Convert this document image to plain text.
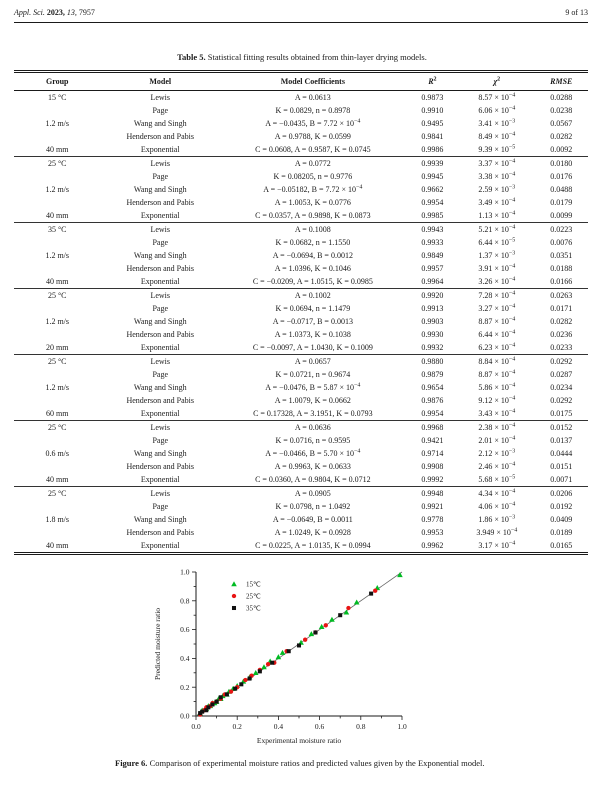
Appl. Sci. 2023, 13, 7957	9 of 13
Table 5. Statistical fitting results obtained from thin-layer drying models.
Group	Model	Model Coefficients	$R^2$	$\chi^2$	RMSE
15 °C	Lewis	A = 0.0613	0.9873	$8.57 \times 10^{-4}$	0.0288
	Page	K = 0.0829, n = 0.8978	0.9910	$6.06 \times 10^{-4}$	0.0238
1.2 m/s	Wang and Singh	A = −0.0435, $B = 7.72 \times 10^{-4}$	0.9495	$3.41 \times 10^{-3}$	0.0567
	Henderson and Pabis	A = 0.9788, K = 0.0599	0.9841	$8.49 \times 10^{-4}$	0.0282
40 mm	Exponential	C = 0.0608, A = 0.9587, K = 0.0745	0.9986	$9.39 \times 10^{-5}$	0.0092
25 °C	Lewis	A = 0.0772	0.9939	$3.37 \times 10^{-4}$	0.0180
	Page	K = 0.08205, n = 0.9776	0.9945	$3.38 \times 10^{-4}$	0.0176
1.2 m/s	Wang and Singh	A = −0.05182, $B = 7.72 \times 10^{-4}$	0.9662	$2.59 \times 10^{-3}$	0.0488
	Henderson and Pabis	A = 1.0053, K = 0.0776	0.9954	$3.49 \times 10^{-4}$	0.0179
40 mm	Exponential	C = 0.0357, A = 0.9898, K = 0.0873	0.9985	$1.13 \times 10^{-4}$	0.0099
35 °C	Lewis	A = 0.1008	0.9943	$5.21 \times 10^{-4}$	0.0223
	Page	K = 0.0682, n = 1.1550	0.9933	$6.44 \times 10^{-5}$	0.0076
1.2 m/s	Wang and Singh	A = −0.0694, B = 0.0012	0.9849	$1.37 \times 10^{-3}$	0.0351
	Henderson and Pabis	A = 1.0396, K = 0.1046	0.9957	$3.91 \times 10^{-4}$	0.0188
40 mm	Exponential	C = −0.0209, A = 1.0515, K = 0.0985	0.9964	$3.26 \times 10^{-4}$	0.0166
25 °C	Lewis	A = 0.1002	0.9920	$7.28 \times 10^{-4}$	0.0263
	Page	K = 0.0694, n = 1.1479	0.9913	$3.27 \times 10^{-4}$	0.0171
1.2 m/s	Wang and Singh	A = −0.0717, B = 0.0013	0.9903	$8.87 \times 10^{-4}$	0.0282
	Henderson and Pabis	A = 1.0373, K = 0.1038	0.9930	$6.44 \times 10^{-4}$	0.0236
20 mm	Exponential	C = −0.0097, A = 1.0430, K = 0.1009	0.9932	$6.23 \times 10^{-4}$	0.0233
25 °C	Lewis	A = 0.0657	0.9880	$8.84 \times 10^{-4}$	0.0292
	Page	K = 0.0721, n = 0.9674	0.9879	$8.87 \times 10^{-4}$	0.0287
1.2 m/s	Wang and Singh	A = −0.0476, $B = 5.87 \times 10^{-4}$	0.9654	$5.86 \times 10^{-4}$	0.0234
	Henderson and Pabis	A = 1.0079, K = 0.0662	0.9876	$9.12 \times 10^{-4}$	0.0292
60 mm	Exponential	C = 0.17328, A = 3.1951, K = 0.0793	0.9954	$3.43 \times 10^{-4}$	0.0175
25 °C	Lewis	A = 0.0636	0.9968	$2.38 \times 10^{-4}$	0.0152
	Page	K = 0.0716, n = 0.9595	0.9421	$2.01 \times 10^{-4}$	0.0137
0.6 m/s	Wang and Singh	A = −0.0466, $B = 5.70 \times 10^{-4}$	0.9714	$2.12 \times 10^{-3}$	0.0444
	Henderson and Pabis	A = 0.9963, K = 0.0633	0.9908	$2.46 \times 10^{-4}$	0.0151
40 mm	Exponential	C = 0.0360, A = 0.9804, K = 0.0712	0.9992	$5.68 \times 10^{-5}$	0.0071
25 °C	Lewis	A = 0.0905	0.9948	$4.34 \times 10^{-4}$	0.0206
	Page	K = 0.0798, n = 1.0492	0.9921	$4.06 \times 10^{-4}$	0.0192
1.8 m/s	Wang and Singh	A = −0.0649, B = 0.0011	0.9778	$1.86 \times 10^{-3}$	0.0409
	Henderson and Pabis	A = 1.0249, K = 0.0928	0.9953	$3.949 \times 10^{-4}$	0.0189
40 mm	Exponential	C = 0.0225, A = 1.0135, K = 0.0994	0.9962	$3.17 \times 10^{-4}$	0.0165
0.0
0.0
0.2
0.2
0.4
0.4
0.6
0.6
0.8
0.8
1.0
1.0
Experimental moisture ratio
Predicted moisture ratio
15℃
25℃
35℃
Figure 6. Comparison of experimental moisture ratios and predicted values given by the Exponential model.
